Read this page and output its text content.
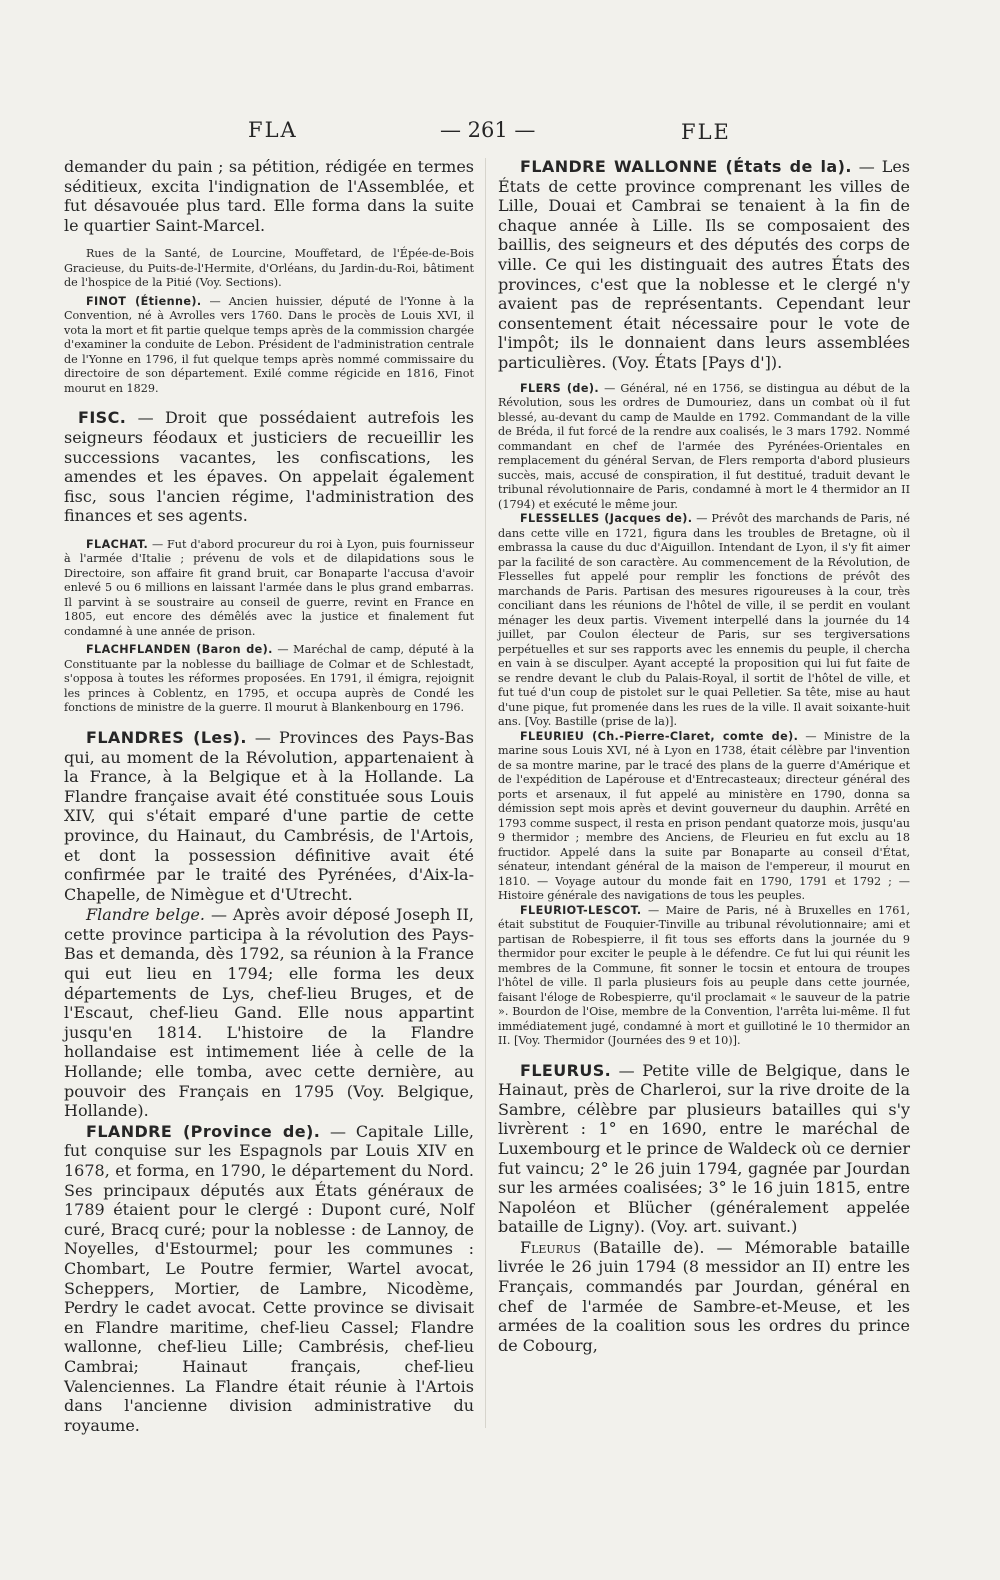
FLA	— 261 —	FLE

demander du pain ; sa pétition, rédigée en termes séditieux, excita l'indignation de l'Assemblée, et fut désavouée plus tard. Elle forma dans la suite le quartier Saint-Marcel.

Rues de la Santé, de Lourcine, Mouffetard, de l'Épée-de-Bois Gracieuse, du Puits-de-l'Hermite, d'Orléans, du Jardin-du-Roi, bâtiment de l'hospice de la Pitié (Voy. Sections).

FINOT (Étienne). — Ancien huissier, député de l'Yonne à la Convention, né à Avrolles vers 1760. Dans le procès de Louis XVI, il vota la mort et fit partie quelque temps après de la commission chargée d'examiner la conduite de Lebon. Président de l'administration centrale de l'Yonne en 1796, il fut quelque temps après nommé commissaire du directoire de son département. Exilé comme régicide en 1816, Finot mourut en 1829.

FISC. — Droit que possédaient autrefois les seigneurs féodaux et justiciers de recueillir les successions vacantes, les confiscations, les amendes et les épaves. On appelait également fisc, sous l'ancien régime, l'administration des finances et ses agents.

FLACHAT. — Fut d'abord procureur du roi à Lyon, puis fournisseur à l'armée d'Italie ; prévenu de vols et de dilapidations sous le Directoire, son affaire fit grand bruit, car Bonaparte l'accusa d'avoir enlevé 5 ou 6 millions en laissant l'armée dans le plus grand embarras. Il parvint à se soustraire au conseil de guerre, revint en France en 1805, eut encore des démêlés avec la justice et finalement fut condamné à une année de prison.

FLACHFLANDEN (Baron de). — Maréchal de camp, député à la Constituante par la noblesse du bailliage de Colmar et de Schlestadt, s'opposa à toutes les réformes proposées. En 1791, il émigra, rejoignit les princes à Coblentz, en 1795, et occupa auprès de Condé les fonctions de ministre de la guerre. Il mourut à Blankenbourg en 1796.

FLANDRES (Les). — Provinces des Pays-Bas qui, au moment de la Révolution, appartenaient à la France, à la Belgique et à la Hollande. La Flandre française avait été constituée sous Louis XIV, qui s'était emparé d'une partie de cette province, du Hainaut, du Cambrésis, de l'Artois, et dont la possession définitive avait été confirmée par le traité des Pyrénées, d'Aix-la-Chapelle, de Nimègue et d'Utrecht.

Flandre belge. — Après avoir déposé Joseph II, cette province participa à la révolution des Pays-Bas et demanda, dès 1792, sa réunion à la France qui eut lieu en 1794; elle forma les deux départements de Lys, chef-lieu Bruges, et de l'Escaut, chef-lieu Gand. Elle nous appartint jusqu'en 1814. L'histoire de la Flandre hollandaise est intimement liée à celle de la Hollande; elle tomba, avec cette dernière, au pouvoir des Français en 1795 (Voy. Belgique, Hollande).

FLANDRE (Province de). — Capitale Lille, fut conquise sur les Espagnols par Louis XIV en 1678, et forma, en 1790, le département du Nord. Ses principaux députés aux États généraux de 1789 étaient pour le clergé : Dupont curé, Nolf curé, Bracq curé; pour la noblesse : de Lannoy, de Noyelles, d'Estourmel; pour les communes : Chombart, Le Poutre fermier, Wartel avocat, Scheppers, Mortier, de Lambre, Nicodème, Perdry le cadet avocat. Cette province se divisait en Flandre maritime, chef-lieu Cassel; Flandre wallonne, chef-lieu Lille; Cambrésis, chef-lieu Cambrai; Hainaut français, chef-lieu Valenciennes. La Flandre était réunie à l'Artois dans l'ancienne division administrative du royaume.

FLANDRE WALLONNE (États de la). — Les États de cette province comprenant les villes de Lille, Douai et Cambrai se tenaient à la fin de chaque année à Lille. Ils se composaient des baillis, des seigneurs et des députés des corps de ville. Ce qui les distinguait des autres États des provinces, c'est que la noblesse et le clergé n'y avaient pas de représentants. Cependant leur consentement était nécessaire pour le vote de l'impôt; ils le donnaient dans leurs assemblées particulières. (Voy. États [Pays d']).

FLERS (de). — Général, né en 1756, se distingua au début de la Révolution, sous les ordres de Dumouriez, dans un combat où il fut blessé, au-devant du camp de Maulde en 1792. Commandant de la ville de Bréda, il fut forcé de la rendre aux coalisés, le 3 mars 1792. Nommé commandant en chef de l'armée des Pyrénées-Orientales en remplacement du général Servan, de Flers remporta d'abord plusieurs succès, mais, accusé de conspiration, il fut destitué, traduit devant le tribunal révolutionnaire de Paris, condamné à mort le 4 thermidor an II (1794) et exécuté le même jour.

FLESSELLES (Jacques de). — Prévôt des marchands de Paris, né dans cette ville en 1721, figura dans les troubles de Bretagne, où il embrassa la cause du duc d'Aiguillon. Intendant de Lyon, il s'y fit aimer par la facilité de son caractère. Au commencement de la Révolution, de Flesselles fut appelé pour remplir les fonctions de prévôt des marchands de Paris. Partisan des mesures rigoureuses à la cour, très conciliant dans les réunions de l'hôtel de ville, il se perdit en voulant ménager les deux partis. Vivement interpellé dans la journée du 14 juillet, par Coulon électeur de Paris, sur ses tergiversations perpétuelles et sur ses rapports avec les ennemis du peuple, il chercha en vain à se disculper. Ayant accepté la proposition qui lui fut faite de se rendre devant le club du Palais-Royal, il sortit de l'hôtel de ville, et fut tué d'un coup de pistolet sur le quai Pelletier. Sa tête, mise au haut d'une pique, fut promenée dans les rues de la ville. Il avait soixante-huit ans. [Voy. Bastille (prise de la)].

FLEURIEU (Ch.-Pierre-Claret, comte de). — Ministre de la marine sous Louis XVI, né à Lyon en 1738, était célèbre par l'invention de sa montre marine, par le tracé des plans de la guerre d'Amérique et de l'expédition de Lapérouse et d'Entrecasteaux; directeur général des ports et arsenaux, il fut appelé au ministère en 1790, donna sa démission sept mois après et devint gouverneur du dauphin. Arrêté en 1793 comme suspect, il resta en prison pendant quatorze mois, jusqu'au 9 thermidor ; membre des Anciens, de Fleurieu en fut exclu au 18 fructidor. Appelé dans la suite par Bonaparte au conseil d'État, sénateur, intendant général de la maison de l'empereur, il mourut en 1810. — Voyage autour du monde fait en 1790, 1791 et 1792 ; — Histoire générale des navigations de tous les peuples.

FLEURIOT-LESCOT. — Maire de Paris, né à Bruxelles en 1761, était substitut de Fouquier-Tinville au tribunal révolutionnaire; ami et partisan de Robespierre, il fit tous ses efforts dans la journée du 9 thermidor pour exciter le peuple à le défendre. Ce fut lui qui réunit les membres de la Commune, fit sonner le tocsin et entoura de troupes l'hôtel de ville. Il parla plusieurs fois au peuple dans cette journée, faisant l'éloge de Robespierre, qu'il proclamait « le sauveur de la patrie ». Bourdon de l'Oise, membre de la Convention, l'arrêta lui-même. Il fut immédiatement jugé, condamné à mort et guillotiné le 10 thermidor an II. [Voy. Thermidor (Journées des 9 et 10)].

FLEURUS. — Petite ville de Belgique, dans le Hainaut, près de Charleroi, sur la rive droite de la Sambre, célèbre par plusieurs batailles qui s'y livrèrent : 1° en 1690, entre le maréchal de Luxembourg et le prince de Waldeck où ce dernier fut vaincu; 2° le 26 juin 1794, gagnée par Jourdan sur les armées coalisées; 3° le 16 juin 1815, entre Napoléon et Blücher (généralement appelée bataille de Ligny). (Voy. art. suivant.)

Fleurus (Bataille de). — Mémorable bataille livrée le 26 juin 1794 (8 messidor an II) entre les Français, commandés par Jourdan, général en chef de l'armée de Sambre-et-Meuse, et les armées de la coalition sous les ordres du prince de Cobourg,
